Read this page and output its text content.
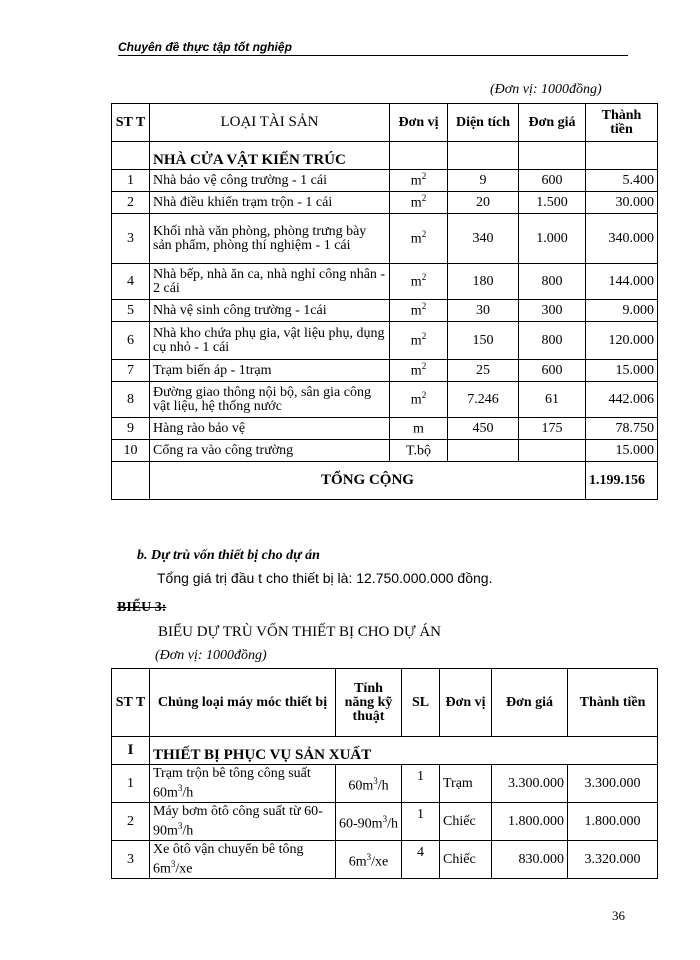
Chuyên đề thực tập tốt nghiệp
(Đơn vị: 1000đồng)
ST T	LOẠI TÀI SẢN	Đơn vị	Diện tích	Đơn giá	Thành tiền
	NHÀ CỬA VẬT KIẾN TRÚC				
1	Nhà bảo vệ công trường - 1 cái	$m^2$	9	600	5.400
2	Nhà điều khiển trạm trộn - 1 cái	$m^2$	20	1.500	30.000
3	Khối nhà văn phòng, phòng trưng bày sản phẩm, phòng thí nghiệm - 1 cái	$m^2$	340	1.000	340.000
4	Nhà bếp, nhà ăn ca, nhà nghỉ công nhân - 2 cái	$m^2$	180	800	144.000
5	Nhà vệ sinh công trường - 1cái	$m^2$	30	300	9.000
6	Nhà kho chứa phụ gia, vật liệu phụ, dụng cụ nhỏ - 1 cái	$m^2$	150	800	120.000
7	Trạm biến áp - 1trạm	$m^2$	25	600	15.000
8	Đường giao thông nội bộ, sân gia công vật liệu, hệ thống nước	$m^2$	7.246	61	442.006
9	Hàng rào bảo vệ	m	450	175	78.750
10	Cổng ra vào công trường	T.bộ			15.000
	TỔNG CỘNG				1.199.156
b. Dự trù vốn thiết bị cho dự án
Tổng giá trị đầu t cho thiết bị là: 12.750.000.000 đồng.
BIỂU 3:
BIỂU DỰ TRÙ VỐN THIẾT BỊ CHO DỰ ÁN
(Đơn vị: 1000đồng)
ST T	Chủng loại máy móc thiết bị	Tính năng kỹ thuật	SL	Đơn vị	Đơn giá	Thành tiền
I	THIẾT BỊ PHỤC VỤ SẢN XUẤT					
1	Trạm trộn bê tông công suất $60m^3/h$	$60m^3/h$	1	Trạm	3.300.000	3.300.000
2	Máy bơm ôtô công suất từ $60-90m^3/h$	$60-90m^3/h$	1	Chiếc	1.800.000	1.800.000
3	Xe ôtô vận chuyển bê tông $6m^3/xe$	$6m^3/xe$	4	Chiếc	830.000	3.320.000
36
